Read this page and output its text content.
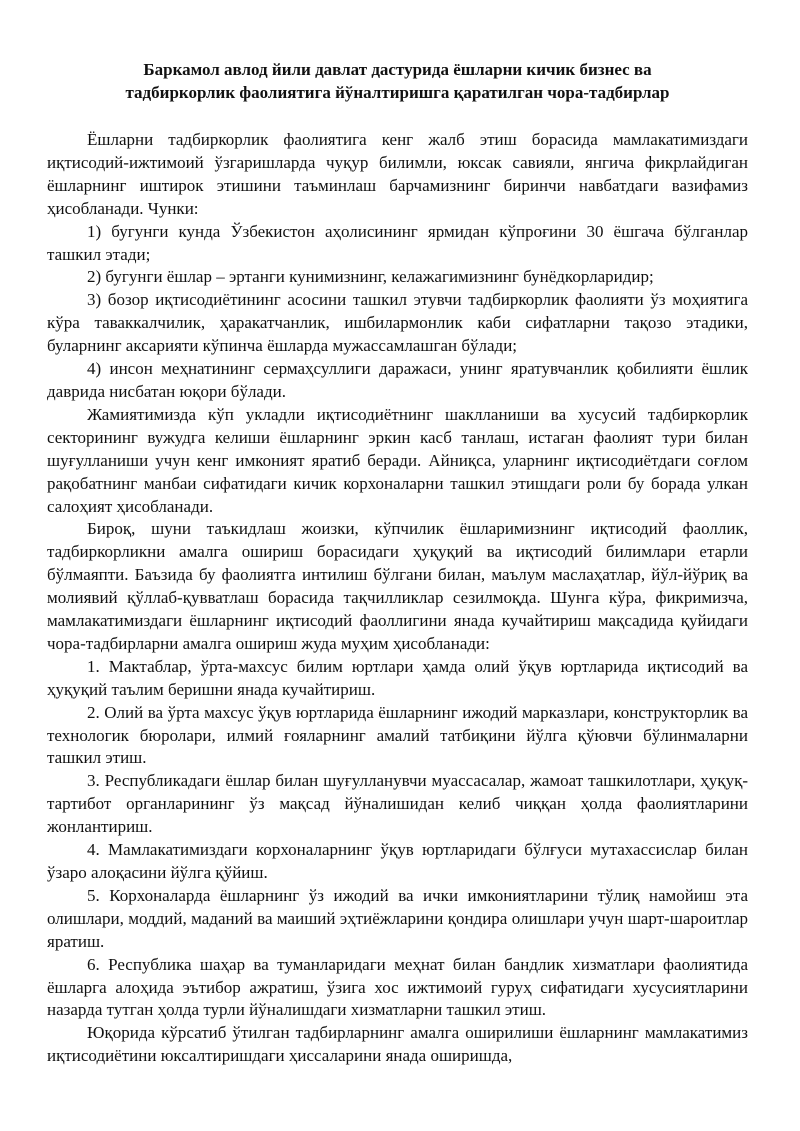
Баркамол авлод йили давлат дастурида ёшларни кичик бизнес ва
тадбиркорлик фаолиятига йўналтиришга қаратилган чора-тадбирлар

Ёшларни тадбиркорлик фаолиятига кенг жалб этиш борасида мамлакатимиздаги иқтисодий-ижтимоий ўзгаришларда чуқур билимли, юксак савияли, янгича фикрлайдиган ёшларнинг иштирок этишини таъминлаш барчамизнинг биринчи навбатдаги вазифамиз ҳисобланади. Чунки:

1) бугунги кунда Ўзбекистон аҳолисининг ярмидан кўпроғини 30 ёшгача бўлганлар ташкил этади;

2) бугунги ёшлар – эртанги кунимизнинг, келажагимизнинг бунёдкорларидир;

3) бозор иқтисодиётининг асосини ташкил этувчи тадбиркорлик фаолияти ўз моҳиятига кўра таваккалчилик, ҳаракатчанлик, ишбилармонлик каби сифатларни тақозо этадики, буларнинг аксарияти кўпинча ёшларда мужассамлашган бўлади;

4) инсон меҳнатининг сермаҳсуллиги даражаси, унинг яратувчанлик қобилияти ёшлик даврида нисбатан юқори бўлади.

Жамиятимизда кўп укладли иқтисодиётнинг шаклланиши ва хусусий тадбиркорлик секторининг вужудга келиши ёшларнинг эркин касб танлаш, истаган фаолият тури билан шуғулланиши учун кенг имконият яратиб беради. Айниқса, уларнинг иқтисодиётдаги соғлом рақобатнинг манбаи сифатидаги кичик корхоналарни ташкил этишдаги роли бу борада улкан салоҳият ҳисобланади.

Бироқ, шуни таъкидлаш жоизки, кўпчилик ёшларимизнинг иқтисодий фаоллик, тадбиркорликни амалга ошириш борасидаги ҳуқуқий ва иқтисодий билимлари етарли бўлмаяпти. Баъзида бу фаолиятга интилиш бўлгани билан, маълум маслаҳатлар, йўл-йўриқ ва молиявий қўллаб-қувватлаш борасида тақчилликлар сезилмоқда. Шунга кўра, фикримизча, мамлакатимиздаги ёшларнинг иқтисодий фаоллигини янада кучайтириш мақсадида қуйидаги чора-тадбирларни амалга ошириш жуда муҳим ҳисобланади:

1. Мактаблар, ўрта-махсус билим юртлари ҳамда олий ўқув юртларида иқтисодий ва ҳуқуқий таълим беришни янада кучайтириш.

2. Олий ва ўрта махсус ўқув юртларида ёшларнинг ижодий марказлари, конструкторлик ва технологик бюролари, илмий ғояларнинг амалий татбиқини йўлга қўювчи бўлинмаларни ташкил этиш.

3. Республикадаги ёшлар билан шуғулланувчи муассасалар, жамоат ташкилотлари, ҳуқуқ-тартибот органларининг ўз мақсад йўналишидан келиб чиққан ҳолда фаолиятларини жонлантириш.

4. Мамлакатимиздаги корхоналарнинг ўқув юртларидаги бўлғуси мутахассислар билан ўзаро алоқасини йўлга қўйиш.

5. Корхоналарда ёшларнинг ўз ижодий ва ички имкониятларини тўлиқ намойиш эта олишлари, моддий, маданий ва маиший эҳтиёжларини қондира олишлари учун шарт-шароитлар яратиш.

6. Республика шаҳар ва туманларидаги меҳнат билан бандлик хизматлари фаолиятида ёшларга алоҳида эътибор ажратиш, ўзига хос ижтимоий гуруҳ сифатидаги хусусиятларини назарда тутган ҳолда турли йўналишдаги хизматларни ташкил этиш.

Юқорида кўрсатиб ўтилган тадбирларнинг амалга оширилиши ёшларнинг мамлакатимиз иқтисодиётини юксалтиришдаги ҳиссаларини янада оширишда,
